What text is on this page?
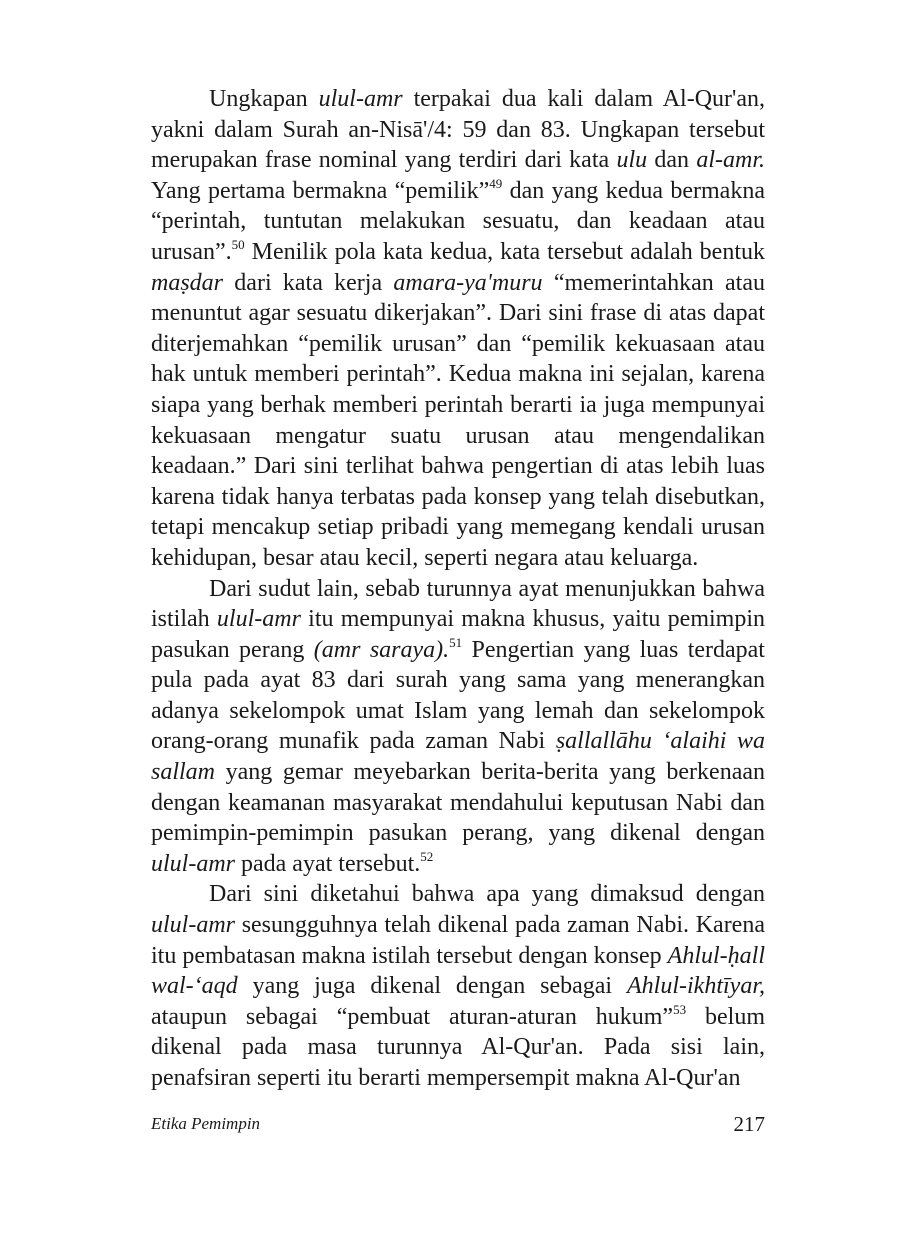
Ungkapan ulul-amr terpakai dua kali dalam Al-Qur'an, yakni dalam Surah an-Nisā'/4: 59 dan 83. Ungkapan tersebut merupakan frase nominal yang terdiri dari kata ulu dan al-amr. Yang pertama bermakna “pemilik”$^{49}$ dan yang kedua bermakna “perintah, tuntutan melakukan sesuatu, dan keadaan atau urusan”.$^{50}$ Menilik pola kata kedua, kata tersebut adalah bentuk maṣdar dari kata kerja amara-ya'muru “memerintahkan atau menuntut agar sesuatu dikerjakan”. Dari sini frase di atas dapat diterjemahkan “pemilik urusan” dan “pemilik kekuasaan atau hak untuk memberi perintah”. Kedua makna ini sejalan, karena siapa yang berhak memberi perintah berarti ia juga mempunyai kekuasaan mengatur suatu urusan atau mengendalikan keadaan.” Dari sini terlihat bahwa pengertian di atas lebih luas karena tidak hanya terbatas pada konsep yang telah disebutkan, tetapi mencakup setiap pribadi yang memegang kendali urusan kehidupan, besar atau kecil, seperti negara atau keluarga.

Dari sudut lain, sebab turunnya ayat menunjukkan bahwa istilah ulul-amr itu mempunyai makna khusus, yaitu pemimpin pasukan perang (amr saraya).$^{51}$ Pengertian yang luas terdapat pula pada ayat 83 dari surah yang sama yang menerangkan adanya sekelompok umat Islam yang lemah dan sekelompok orang-orang munafik pada zaman Nabi ṣallallāhu ‘alaihi wa sallam yang gemar meyebarkan berita-berita yang berkenaan dengan keamanan masyarakat mendahului keputusan Nabi dan pemimpin-pemimpin pasukan perang, yang dikenal dengan ulul-amr pada ayat tersebut.$^{52}$

Dari sini diketahui bahwa apa yang dimaksud dengan ulul-amr sesungguhnya telah dikenal pada zaman Nabi. Karena itu pembatasan makna istilah tersebut dengan konsep Ahlul-ḥall wal-‘aqd yang juga dikenal dengan sebagai Ahlul-ikhtīyar, ataupun sebagai “pembuat aturan-aturan hukum”$^{53}$ belum dikenal pada masa turunnya Al-Qur'an. Pada sisi lain, penafsiran seperti itu berarti mempersempit makna Al-Qur'an

Etika Pemimpin	217
